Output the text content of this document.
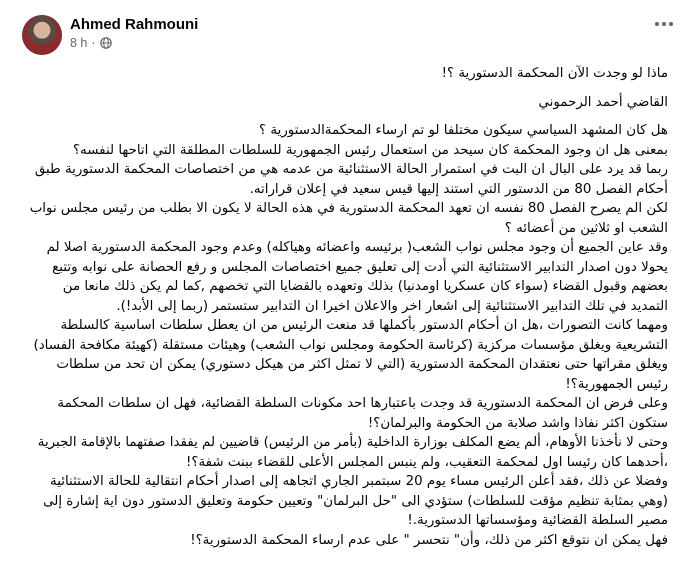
Ahmed Rahmouni
8 h ·

ماذا لو وجدت الآن المحكمة الدستورية ؟!

القاضي أحمد الرحموني

هل كان المشهد السياسي سيكون مختلفا لو تم ارساء المحكمةالدستورية ؟
بمعنى هل ان وجود المحكمة كان سيحد من استعمال رئيس الجمهورية للسلطات المطلقة التي اتاحها لنفسه؟
ربما قد يرد على البال ان البت في استمرار الحالة الاستثنائية من عدمه هي من اختصاصات المحكمة الدستورية طبق أحكام الفصل 80 من الدستور التي استند إليها قيس سعيد في إعلان قراراته.
لكن الم يصرح الفصل 80 نفسه ان تعهد المحكمة الدستورية في هذه الحالة لا يكون الا بطلب من رئيس مجلس نواب الشعب او ثلاثين من أعضائه ؟
وقد عاين الجميع أن وجود مجلس نواب الشعب( برئيسه واعضائه وهياكله) وعدم وجود المحكمة الدستورية اصلا لم يحولا دون اصدار التدابير الاستثنائية التي أدت إلى تعليق جميع اختصاصات المجلس و رفع الحصانة على نوابه وتتبع بعضهم وقبول القضاء (سواء كان عسكريا اومدنيا) بذلك وتعهده بالقضايا التي تخصهم ,كما لم يكن ذلك مانعا من التمديد في تلك التدابير الاستثنائية إلى اشعار اخر والاعلان اخيرا ان التدابير ستستمر (ربما إلى الأبد!).
ومهما كانت التصورات ،هل ان أحكام الدستور بأكملها قد منعت الرئيس من ان يعطل سلطات اساسية كالسلطة التشريعية ويغلق مؤسسات مركزية (كرئاسة الحكومة ومجلس نواب الشعب) وهيئات مستقلة (كهيئة مكافحة الفساد) ويغلق مقراتها حتى نعتقدان المحكمة الدستورية (التي لا تمثل اكثر من هيكل دستوري) يمكن ان تحد من سلطات رئيس الجمهورية؟!
وعلى فرض ان المحكمة الدستورية قد وجدت باعتبارها احد مكونات السلطة القضائية، فهل ان سلطات المحكمة ستكون اكثر نفاذا واشد صلابة من الحكومة والبرلمان؟!
وحتى لا نأخذنا الأوهام، ألم يضع المكلف بوزارة الداخلية (بأمر من الرئيس) قاضيين لم يفقدا صفتهما بالإقامة الجبرية ،أحدهما كان رئيسا اول لمحكمة التعقيب، ولم ينبس المجلس الأعلى للقضاء ببنت شفة؟!
وفضلا عن ذلك ،فقد أعلن الرئيس مساء يوم 20 سبتمبر الجاري اتجاهه إلى اصدار أحكام انتقالية للحالة الاستثنائية (وهي بمثابة تنظيم مؤقت للسلطات) ستؤدي الى "حل البرلمان" وتعيين حكومة وتعليق الدستور دون اية إشارة إلى مصير السلطة القضائية ومؤسساتها الدستورية.!
فهل يمكن ان نتوقع اكثر من ذلك، وأن" نتحسر " على عدم ارساء المحكمة الدستورية؟!
